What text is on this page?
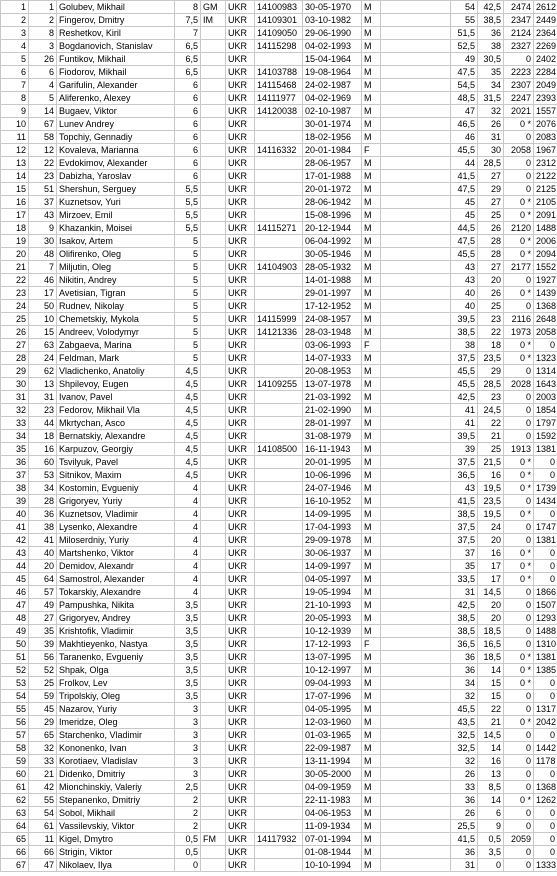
1	1	Golubev, Mikhail	8	GM	UKR	14100983	30-05-1970	M		54	42,5	2474	2612
2	2	Fingerov, Dmitry	7,5	IM	UKR	14109301	03-10-1982	M		55	38,5	2347	2449
3	8	Reshetkov, Kiril	7		UKR	14109050	29-06-1990	M		51,5	36	2124	2364
4	3	Bogdanovich, Stanislav	6,5		UKR	14115298	04-02-1993	M		52,5	38	2327	2269
5	26	Funtikov, Mikhail	6,5		UKR		15-04-1964	M		49	30,5	0	2402
6	6	Fiodorov, Mikhail	6,5		UKR	14103788	19-08-1964	M		47,5	35	2223	2284
7	4	Garifulin, Alexander	6		UKR	14115468	24-02-1987	M		54,5	34	2307	2049
8	5	Aliferenko, Alexey	6		UKR	14111977	04-02-1969	M		48,5	31,5	2247	2393
9	14	Bugaev, Viktor	6		UKR	14120038	02-10-1987	M		47	32	2021	1557
10	67	Lunev Andrey	6		UKR		30-01-1974	M		46,5	26	0 *	2076
11	58	Topchiy, Gennadiy	6		UKR		18-02-1956	M		46	31	0	2083
12	12	Kovaleva, Marianna	6		UKR	14116332	20-01-1984	F		45,5	30	2058	1967
13	22	Evdokimov, Alexander	6		UKR		28-06-1957	M		44	28,5	0	2312
14	23	Dabizha, Yaroslav	6		UKR		17-01-1988	M		41,5	27	0	2122
15	51	Shershun, Serguey	5,5		UKR		20-01-1972	M		47,5	29	0	2125
16	37	Kuznetsov, Yuri	5,5		UKR		28-06-1942	M		45	27	0 *	2105
17	43	Mirzoev, Emil	5,5		UKR		15-08-1996	M		45	25	0 *	2091
18	9	Khazankin, Moisei	5,5		UKR	14115271	20-12-1944	M		44,5	26	2120	1488
19	30	Isakov, Artem	5		UKR		06-04-1992	M		47,5	28	0 *	2006
20	48	Olifirenko, Oleg	5		UKR		30-05-1946	M		45,5	28	0 *	2094
21	7	Miljutin, Oleg	5		UKR	14104903	28-05-1932	M		43	27	2177	1552
22	46	Nikitin, Andrey	5		UKR		14-01-1988	M		43	20	0	1927
23	17	Avetisian, Tigran	5		UKR		29-01-1997	M		40	26	0 *	1439
24	50	Rudnev, Nikolay	5		UKR		17-12-1952	M		40	25	0	1368
25	10	Chemetskiy, Mykola	5		UKR	14115999	24-08-1957	M		39,5	23	2116	2648
26	15	Andreev, Volodymyr	5		UKR	14121336	28-03-1948	M		38,5	22	1973	2058
27	63	Zabgaeva, Marina	5		UKR		03-06-1993	F		38	18	0 *	0
28	24	Feldman, Mark	5		UKR		14-07-1933	M		37,5	23,5	0 *	1323
29	62	Vladichenko, Anatoliy	4,5		UKR		20-08-1953	M		45,5	29	0	1314
30	13	Shpilevoy, Eugen	4,5		UKR	14109255	13-07-1978	M		45,5	28,5	2028	1643
31	31	Ivanov, Pavel	4,5		UKR		21-03-1992	M		42,5	23	0	2003
32	23	Fedorov, Mikhail Vla	4,5		UKR		21-02-1990	M		41	24,5	0	1854
33	44	Mkrtychan, Asco	4,5		UKR		28-01-1997	M		41	22	0	1797
34	18	Bernatskiy, Alexandre	4,5		UKR		31-08-1979	M		39,5	21	0	1592
35	16	Karpuzov, Georgiy	4,5		UKR	14108500	16-11-1943	M		39	25	1913	1381
36	60	Tsvilyuk, Pavel	4,5		UKR		20-01-1995	M		37,5	21,5	0 *	0
37	53	Sitnikov, Maxim	4,5		UKR		10-06-1996	M		36,5	16	0 *	0
38	34	Kostomin, Evgueniy	4		UKR		24-07-1946	M		43	19,5	0 *	1739
39	28	Grigoryev, Yuriy	4		UKR		16-10-1952	M		41,5	23,5	0	1434
40	36	Kuznetsov, Vladimir	4		UKR		14-09-1995	M		38,5	19,5	0 *	0
41	38	Lysenko, Alexandre	4		UKR		17-04-1993	M		37,5	24	0	1747
42	41	Miloserdniy, Yuriy	4		UKR		29-09-1978	M		37,5	20	0	1381
43	40	Martshenko, Viktor	4		UKR		30-06-1937	M		37	16	0 *	0
44	20	Demidov, Alexandr	4		UKR		14-09-1997	M		35	17	0 *	0
45	64	Samostrol, Alexander	4		UKR		04-05-1997	M		33,5	17	0 *	0
46	57	Tokarskiy, Alexandre	4		UKR		19-05-1994	M		31	14,5	0	1866
47	49	Pampushka, Nikita	3,5		UKR		21-10-1993	M		42,5	20	0	1507
48	27	Grigoryev, Andrey	3,5		UKR		20-05-1993	M		38,5	20	0	1293
49	35	Krishtofik, Vladimir	3,5		UKR		10-12-1939	M		38,5	18,5	0	1488
50	39	Makhtieyenko, Nastya	3,5		UKR		17-12-1993	F		36,5	16,5	0	1310
51	56	Taranenko, Evgueniy	3,5		UKR		13-07-1995	M		36	18,5	0 *	1381
52	52	Shpak, Olga	3,5		UKR		10-12-1997	M		36	14	0 *	1385
53	25	Frolkov, Lev	3,5		UKR		09-04-1993	M		34	15	0 *	0
54	59	Tripolskiy, Oleg	3,5		UKR		17-07-1996	M		32	15	0	0
55	45	Nazarov, Yuriy	3		UKR		04-05-1995	M		45,5	22	0	1317
56	29	Imeridze, Oleg	3		UKR		12-03-1960	M		43,5	21	0 *	2042
57	65	Starchenko, Vladimir	3		UKR		01-03-1965	M		32,5	14,5	0	0
58	32	Kononenko, Ivan	3		UKR		22-09-1987	M		32,5	14	0	1442
59	33	Korotiaev, Vladislav	3		UKR		13-11-1994	M		32	16	0	1178
60	21	Didenko, Dmitriy	3		UKR		30-05-2000	M		26	13	0	0
61	42	Mionchinskiy, Valeriy	2,5		UKR		04-09-1959	M		33	8,5	0	1368
62	55	Stepanenko, Dmitriy	2		UKR		22-11-1983	M		36	14	0 *	1262
63	54	Sobol, Mikhail	2		UKR		04-06-1953	M		26	6	0	0
64	61	Vassilevskiy, Viktor	2		UKR		11-09-1934	M		25,5	9	0	0
65	11	Kigel, Dmytro	0,5	FM	UKR	14117932	07-01-1994	M		41,5	0,5	2059	0
66	66	Strigin, Viktor	0,5		UKR		01-08-1944	M		36	3,5	0	0
67	47	Nikolaev, Ilya	0		UKR		10-10-1994	M		31	0	0	1333
